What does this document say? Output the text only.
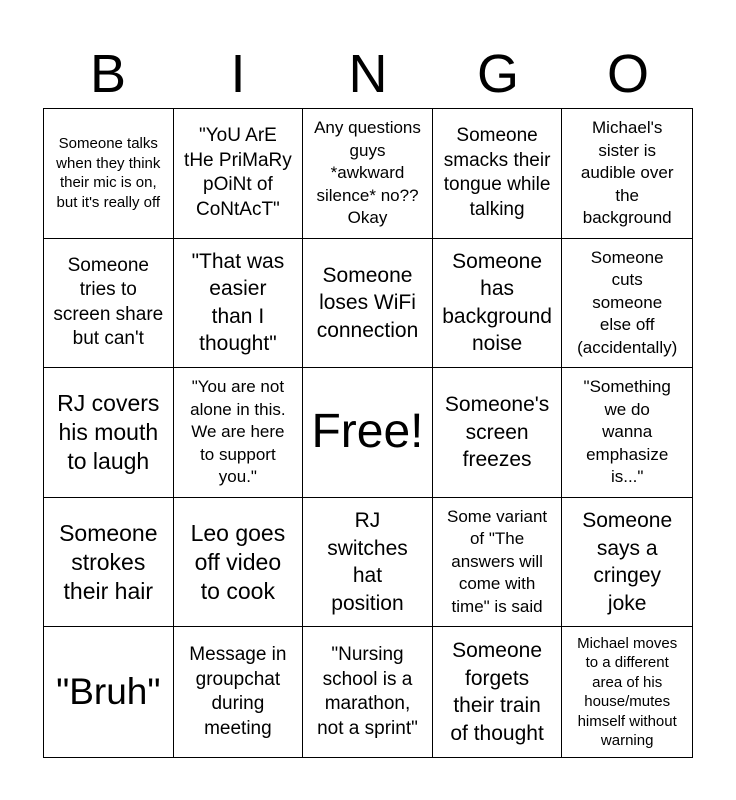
B	I	N	G	O
Someone talks
when they think
their mic is on,
but it's really off
"YoU ArE
tHe PriMaRy
pOiNt of
CoNtAcT"
Any questions
guys
*awkward
silence* no??
Okay
Someone
smacks their
tongue while
talking
Michael's
sister is
audible over
the
background
Someone
tries to
screen share
but can't
"That was
easier
than I
thought"
Someone
loses WiFi
connection
Someone
has
background
noise
Someone
cuts
someone
else off
(accidentally)
RJ covers
his mouth
to laugh
"You are not
alone in this.
We are here
to support
you."
Free!
Someone's
screen
freezes
"Something
we do
wanna
emphasize
is..."
Someone
strokes
their hair
Leo goes
off video
to cook
RJ
switches
hat
position
Some variant
of "The
answers will
come with
time" is said
Someone
says a
cringey
joke
"Bruh"
Message in
groupchat
during
meeting
"Nursing
school is a
marathon,
not a sprint"
Someone
forgets
their train
of thought
Michael moves
to a different
area of his
house/mutes
himself without
warning
